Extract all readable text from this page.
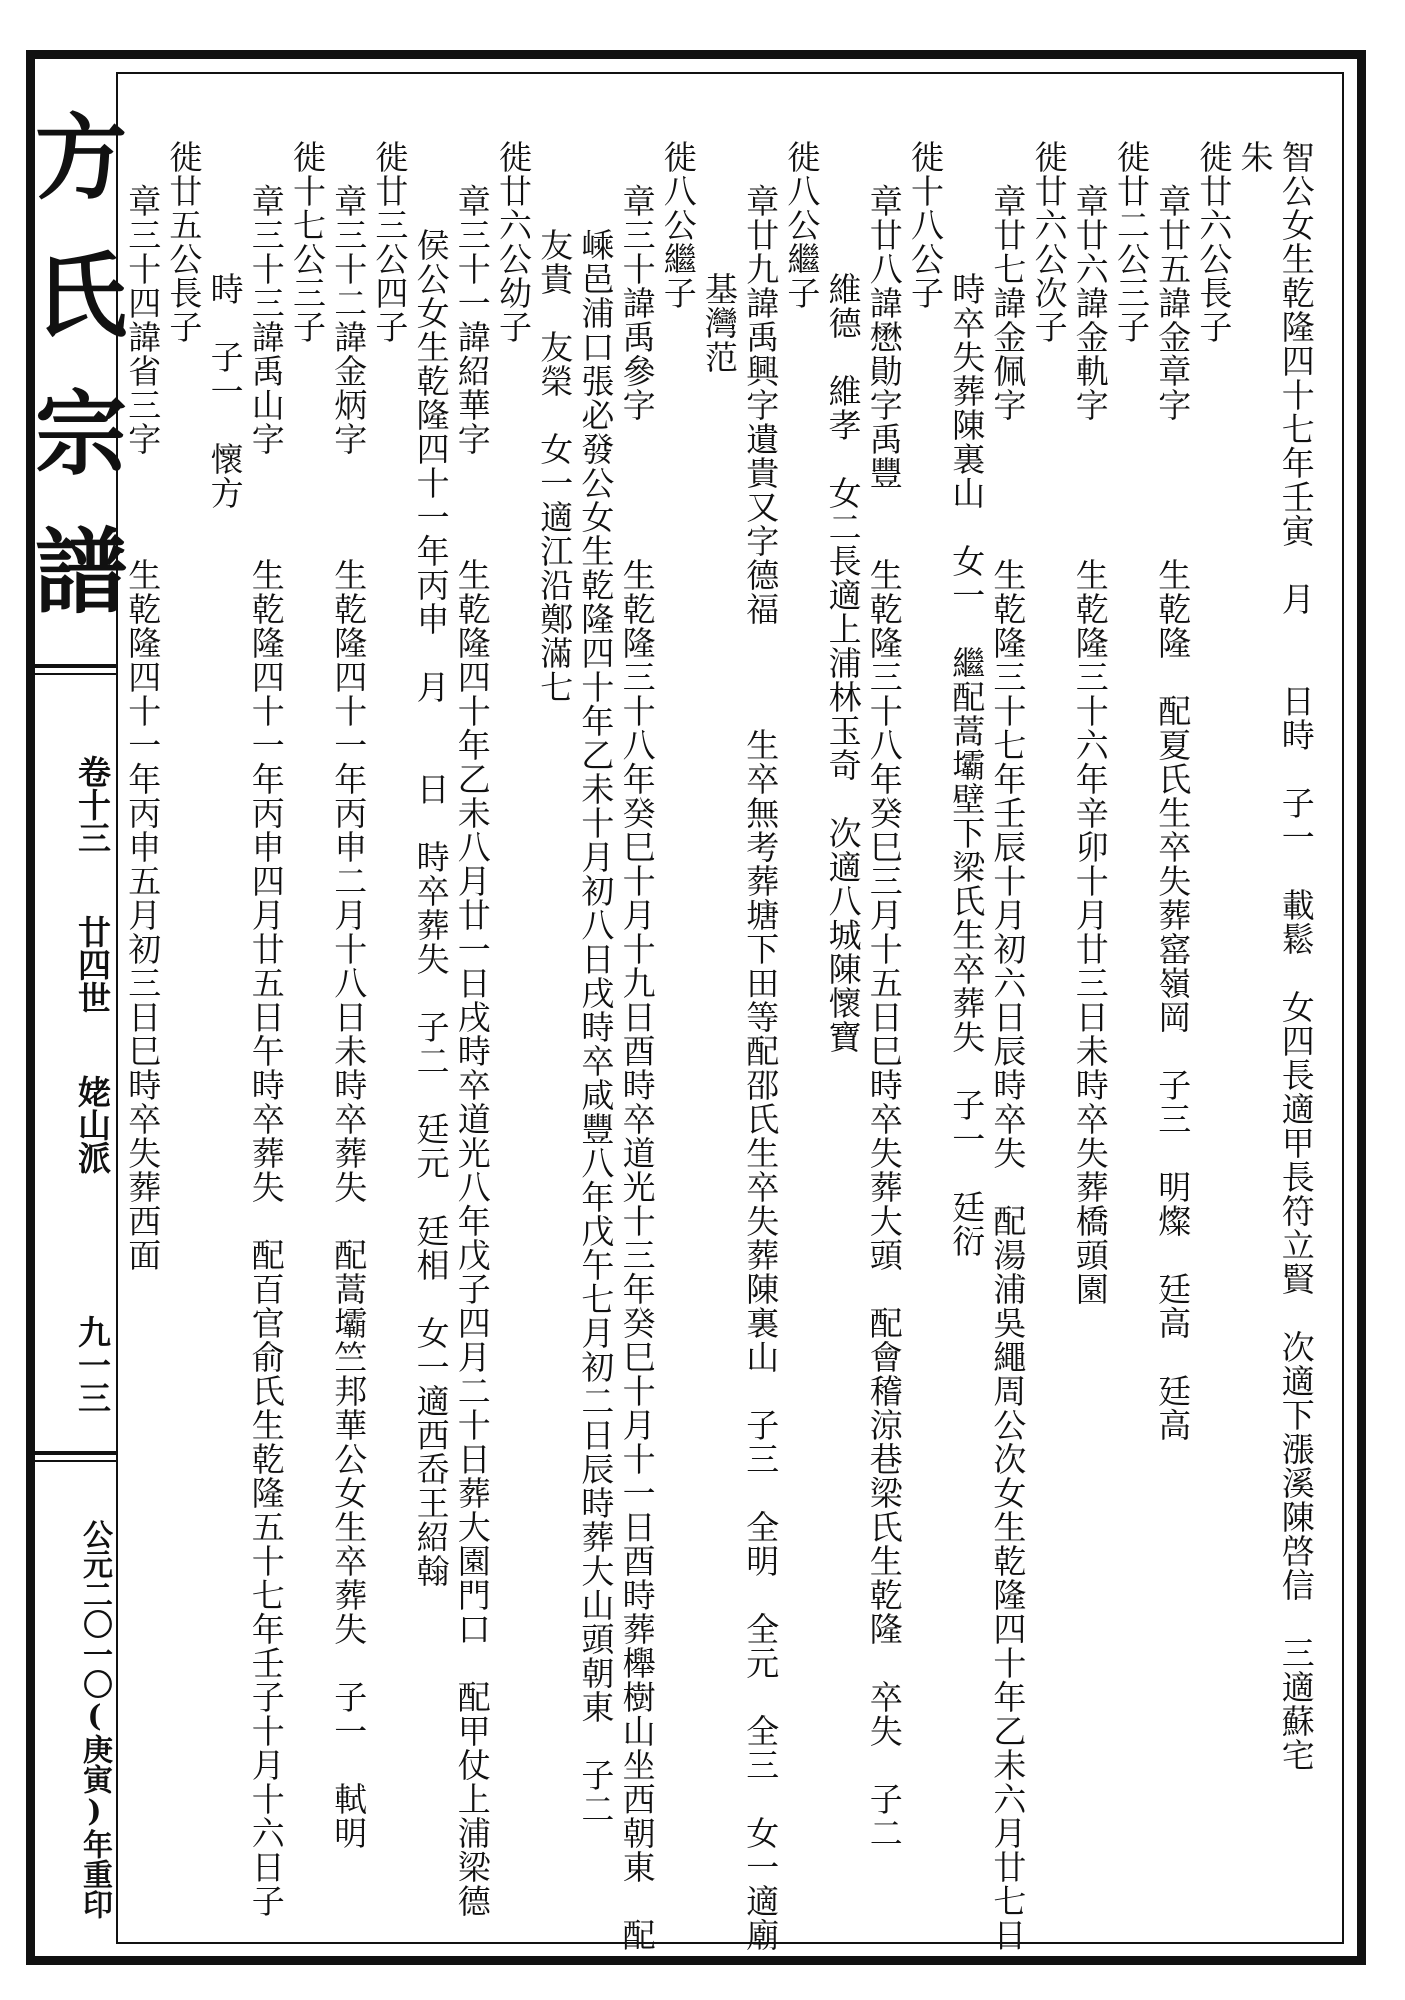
方
氏
宗
譜
卷十三
廿四世
姥山派
九一三
公元二〇一〇(庚寅)年重印	智公女生乾隆四十七年壬寅　月　　日時　子一　載鬆　女四長適甲長符立賢　次適下漲溪陳啓信　三適蘇宅
朱
徙廿六公長子
章廿五諱金章字　　　　生乾隆　配夏氏生卒失葬窰嶺岡　子三　明燦　廷高　廷高
徙廿二公三子
章廿六諱金軌字　　　　生乾隆三十六年辛卯十月廿三日未時卒失葬橋頭園
徙廿六公次子
章廿七諱金佩字　　　　生乾隆三十七年壬辰十月初六日辰時卒失　配湯浦吳繩周公次女生乾隆四十年乙未六月廿七日
時卒失葬陳裏山　女一　繼配蒿壩壁下梁氏生卒葬失　子一　廷衍
徙十八公子
章廿八諱懋勛字禹豐　　生乾隆三十八年癸巳三月十五日巳時卒失葬大頭　配會稽涼巷梁氏生乾隆　卒失　子二
維德　維孝　女二長適上浦林玉奇　次適八城陳懷寶
徙八公繼子
章廿九諱禹興字遺貴又字德福　　　生卒無考葬塘下田等配邵氏生卒失葬陳裏山　子三　全明　全元　全三　女一適廟
基灣范
徙八公繼子
章三十諱禹參字　　　　生乾隆三十八年癸巳十月十九日酉時卒道光十三年癸巳十月十一日酉時葬櫸樹山坐西朝東　配
嵊邑浦口張必發公女生乾隆四十年乙未十月初八日戌時卒咸豐八年戊午七月初二日辰時葬大山頭朝東　子二
友貴　友榮　女一適江沿鄭滿七
徙廿六公幼子
章三十一諱紹華字　　　生乾隆四十年乙未八月廿一日戌時卒道光八年戊子四月二十日葬大園門口　配甲仗上浦梁德
侯公女生乾隆四十一年丙申　月　　日　時卒葬失　子二　廷元　廷相　女一適西岙王紹翰
徙廿三公四子
章三十二諱金炳字　　　生乾隆四十一年丙申二月十八日未時卒葬失　配蒿壩竺邦華公女生卒葬失　子一　軾明
徙十七公三子
章三十三諱禹山字　　　生乾隆四十一年丙申四月廿五日午時卒葬失　配百官俞氏生乾隆五十七年壬子十月十六日子
時　子一　懷方
徙廿五公長子
章三十四諱省三字　　　生乾隆四十一年丙申五月初三日巳時卒失葬西面
